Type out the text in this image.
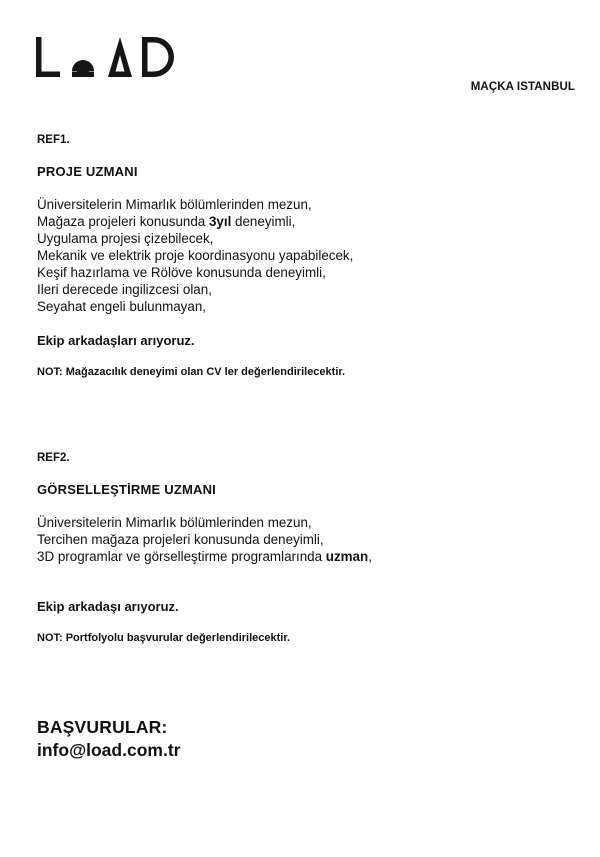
MAÇKA ISTANBUL
REF1.
PROJE UZMANI
Üniversitelerin Mimarlık bölümlerinden mezun,
Mağaza projeleri konusunda 3yıl deneyimli,
Uygulama projesi çizebilecek,
Mekanik ve elektrik proje koordinasyonu yapabilecek,
Keşif hazırlama ve Rölöve konusunda deneyimli,
Ileri derecede ingilizcesi olan,
Seyahat engeli bulunmayan,
Ekip arkadaşları arıyoruz.
NOT: Mağazacılık deneyimi olan CV ler değerlendirilecektir.
REF2.
GÖRSELLEŞTİRME UZMANI
Üniversitelerin Mimarlık bölümlerinden mezun,
Tercihen mağaza projeleri konusunda deneyimli,
3D programlar ve görselleştirme programlarında uzman,
Ekip arkadaşı arıyoruz.
NOT: Portfolyolu başvurular değerlendirilecektir.
BAŞVURULAR:
info@load.com.tr
